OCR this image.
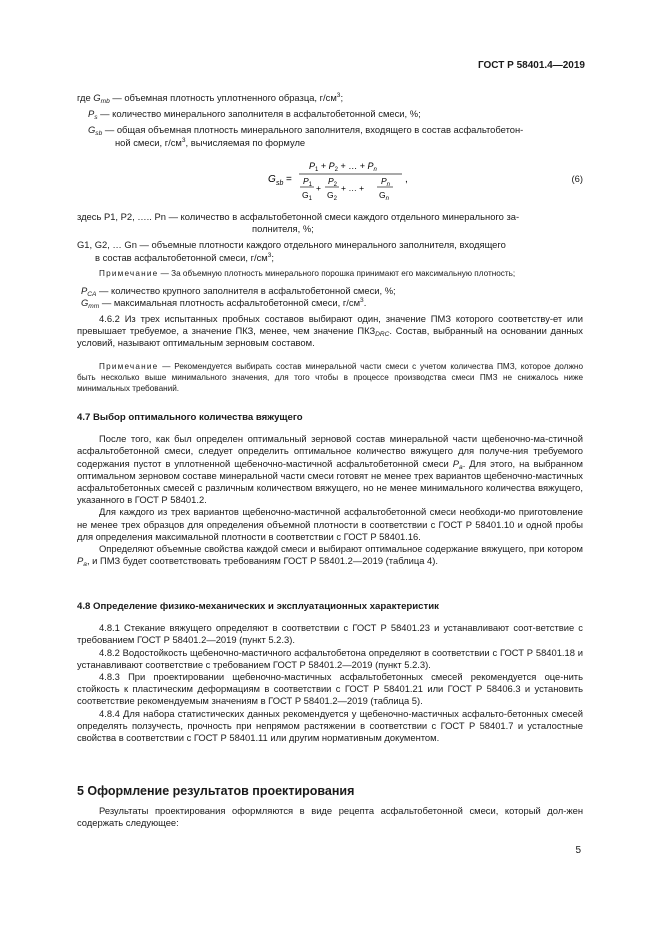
ГОСТ Р 58401.4—2019

где $G_{mb}$ — объемная плотность уплотненного образца, $г/см^3$;

$P_s$ — количество минерального заполнителя в асфальтобетонной смеси, %;

$G_{sb}$ — общая объемная плотность минерального заполнителя, входящего в состав асфальтобетон-

ной смеси, $г/см^3$, вычисляемая по формуле

G sb =
$P_1 + P_2$ + … + $P_n$
$P_1$
$G_1$
+
$P_2$
$G_2$
+ … +
$P_n$
$G_n$
,	(6)

здесь P1, P2, ….. Pn — количество в асфальтобетонной смеси каждого отдельного минерального за-

полнителя, %;

G1, G2, … Gn — объемные плотности каждого отдельного минерального заполнителя, входящего

в состав асфальтобетонной смеси, $г/см^3$;

Примечание — За объемную плотность минерального порошка принимают его максимальную плотность;

$P_{CA}$ — количество крупного заполнителя в асфальтобетонной смеси, %;

$G_{mm}$ — максимальная плотность асфальтобетонной смеси, $г/см^3$.

4.6.2 Из трех испытанных пробных составов выбирают один, значение ПМЗ которого соответству-ет или превышает требуемое, а значение ПКЗ, менее, чем значение $ПКЗ_{DRC}$. Состав, выбранный на основании данных условий, называют оптимальным зерновым составом.

Примечание — Рекомендуется выбирать состав минеральной части смеси с учетом количества ПМЗ, которое должно быть несколько выше минимального значения, для того чтобы в процессе производства смеси ПМЗ не снижалось ниже минимальных требований.

4.7 Выбор оптимального количества вяжущего

После того, как был определен оптимальный зерновой состав минеральной части щебеночно-ма-стичной асфальтобетонной смеси, следует определить оптимальное количество вяжущего для получе-ния требуемого содержания пустот в уплотненной щебеночно-мастичной асфальтобетонной смеси $P_a$. Для этого, на выбранном оптимальном зерновом составе минеральной части смеси готовят не менее трех вариантов щебеночно-мастичных асфальтобетонных смесей с различным количеством вяжущего, но не менее минимального количества вяжущего, указанного в ГОСТ Р 58401.2.

Для каждого из трех вариантов щебеночно-мастичной асфальтобетонной смеси необходи-мо приготовление не менее трех образцов для определения объемной плотности в соответствии с ГОСТ Р 58401.10 и одной пробы для определения максимальной плотности в соответствии с ГОСТ Р 58401.16.

Определяют объемные свойства каждой смеси и выбирают оптимальное содержание вяжущего, при котором $P_a$, и ПМЗ будет соответствовать требованиям ГОСТ Р 58401.2—2019 (таблица 4).

4.8 Определение физико-механических и эксплуатационных характеристик

4.8.1 Стекание вяжущего определяют в соответствии с ГОСТ Р 58401.23 и устанавливают соот-ветствие с требованием ГОСТ Р 58401.2—2019 (пункт 5.2.3).

4.8.2 Водостойкость щебеночно-мастичного асфальтобетона определяют в соответствии с ГОСТ Р 58401.18 и устанавливают соответствие с требованием ГОСТ Р 58401.2—2019 (пункт 5.2.3).

4.8.3 При проектировании щебеночно-мастичных асфальтобетонных смесей рекомендуется оце-нить стойкость к пластическим деформациям в соответствии с ГОСТ Р 58401.21 или ГОСТ Р 58406.3 и установить соответствие рекомендуемым значениям в ГОСТ Р 58401.2—2019 (таблица 5).

4.8.4 Для набора статистических данных рекомендуется у щебеночно-мастичных асфальто-бетонных смесей определять ползучесть, прочность при непрямом растяжении в соответствии с ГОСТ Р 58401.7 и усталостные свойства в соответствии с ГОСТ Р 58401.11 или другим нормативным документом.

5 Оформление результатов проектирования

Результаты проектирования оформляются в виде рецепта асфальтобетонной смеси, который дол-жен содержать следующее:

5
